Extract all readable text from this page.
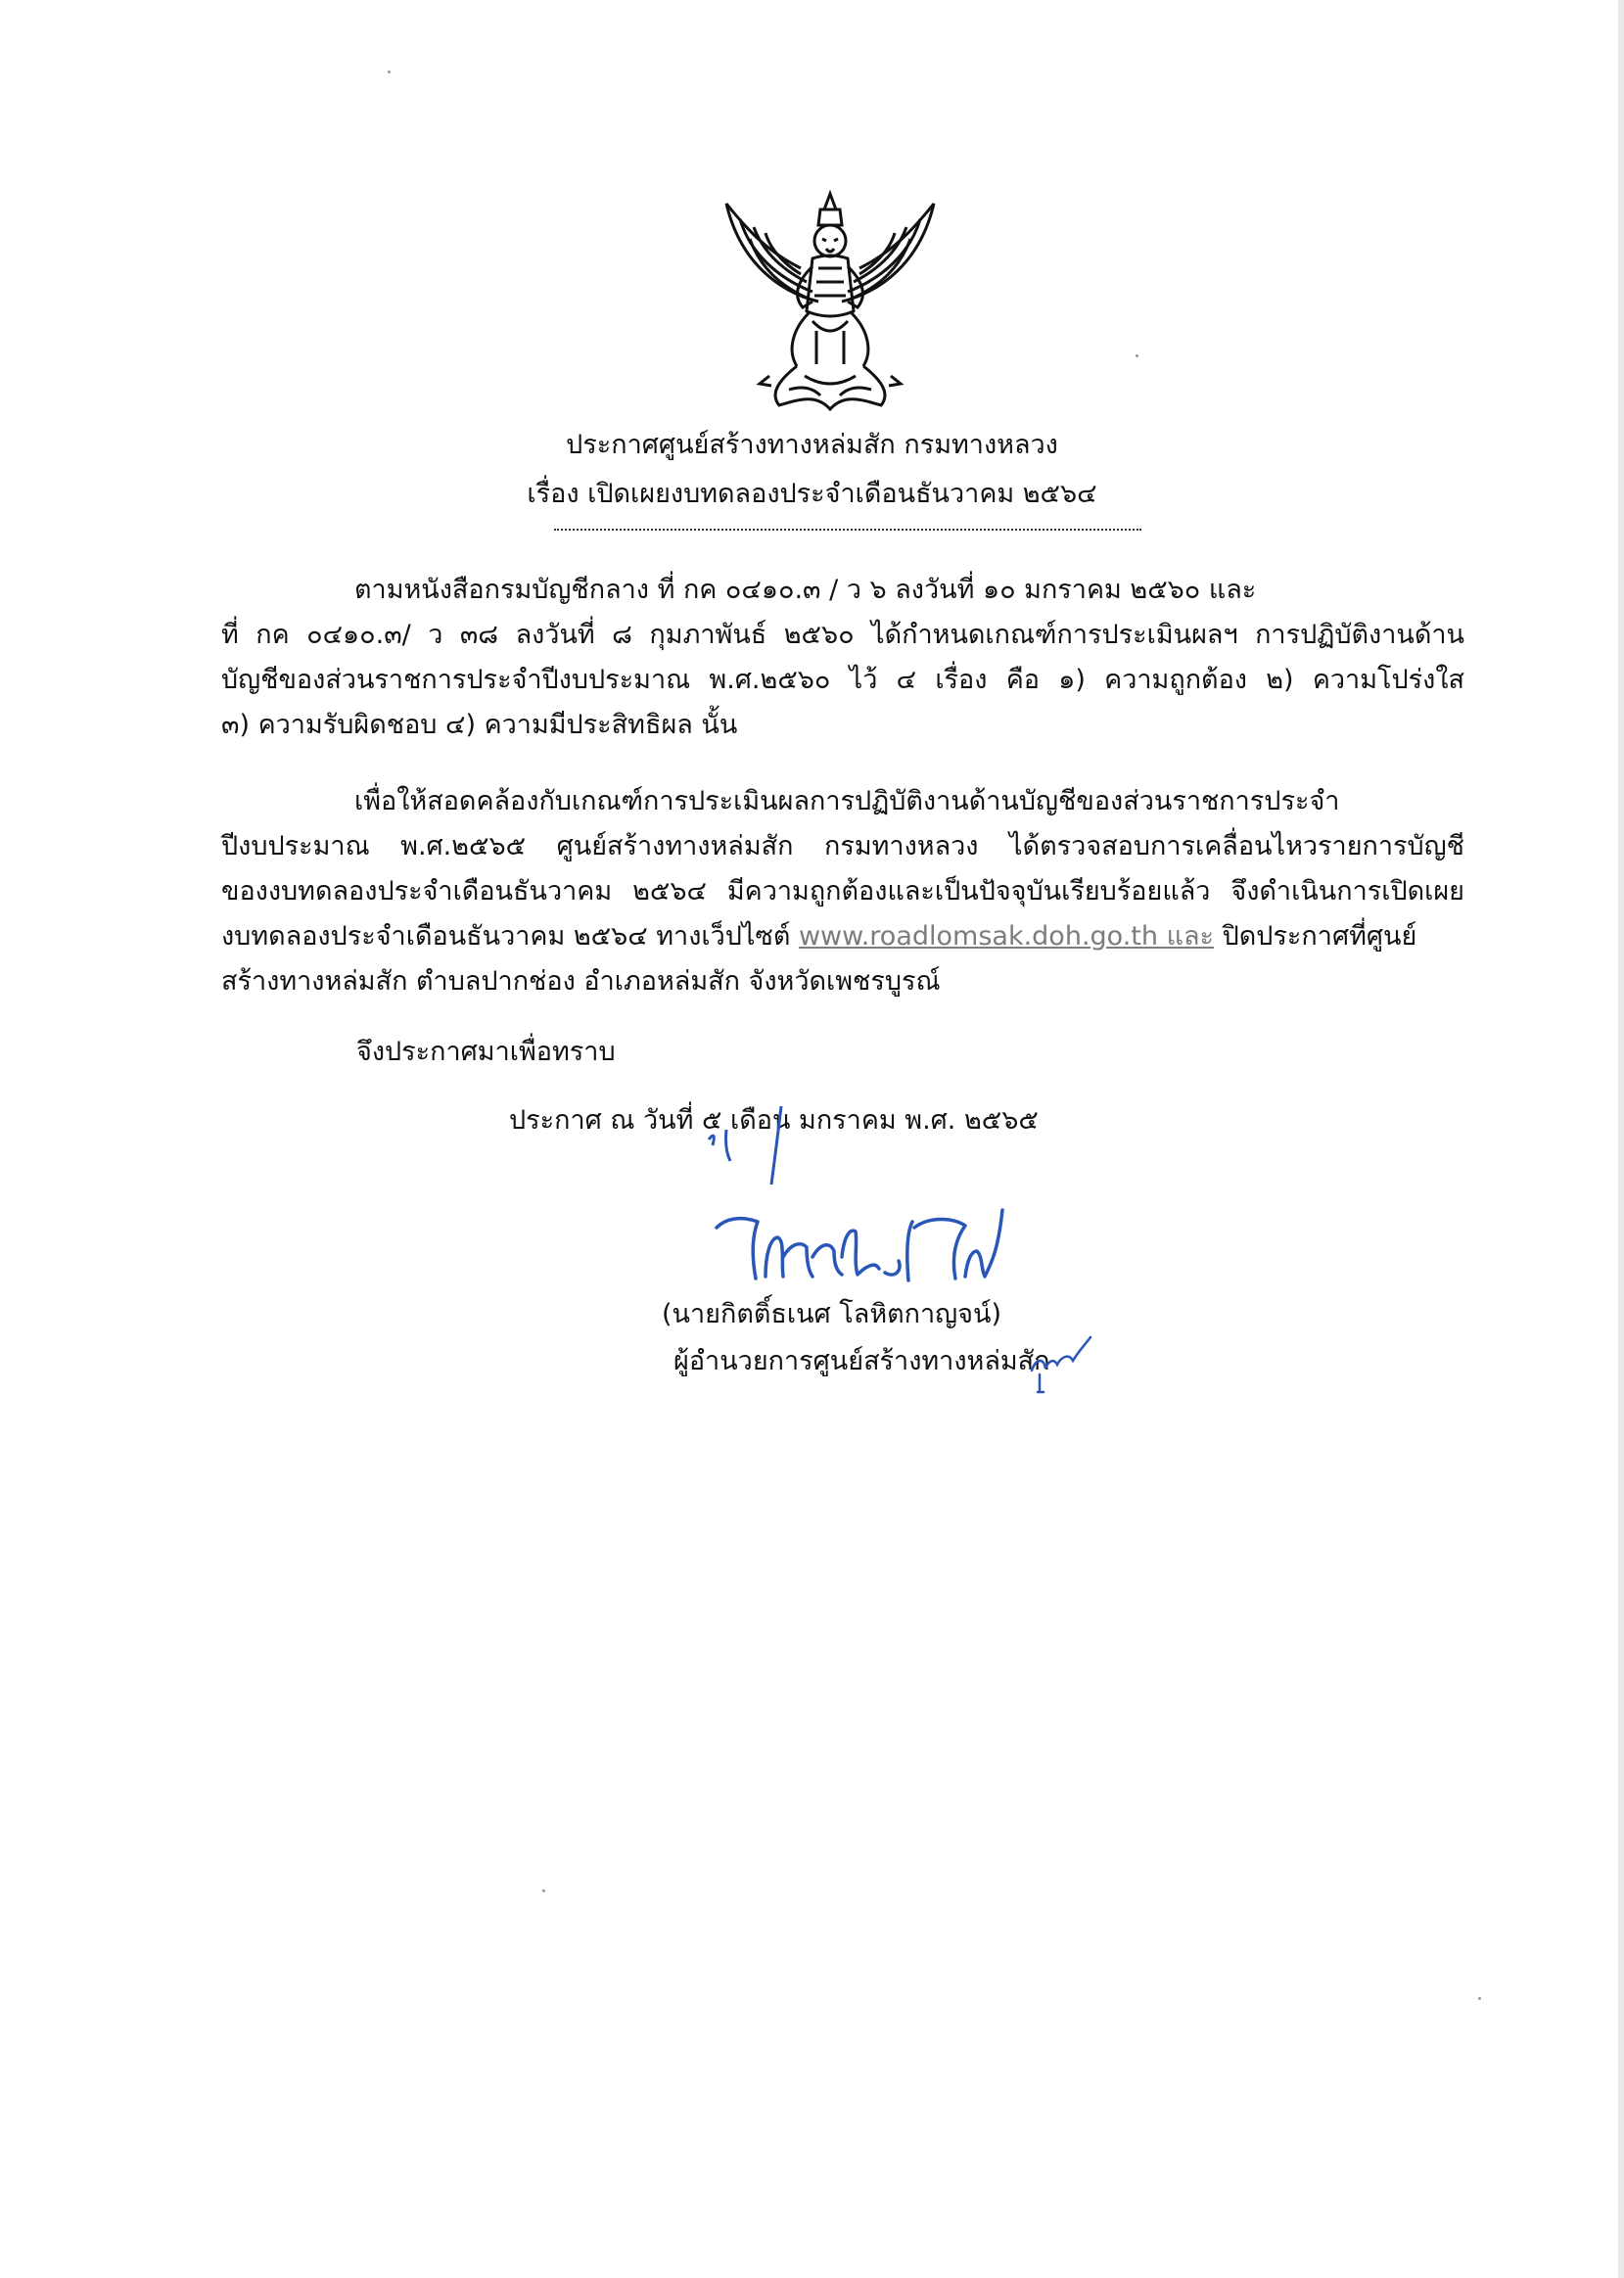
ประกาศศูนย์สร้างทางหล่มสัก กรมทางหลวง
เรื่อง เปิดเผยงบทดลองประจำเดือนธันวาคม ๒๕๖๔
ตามหนังสือกรมบัญชีกลาง ที่ กค ๐๔๑๐.๓ / ว ๖ ลงวันที่ ๑๐ มกราคม ๒๕๖๐ และ
ที่ กค ๐๔๑๐.๓/ ว ๓๘ ลงวันที่ ๘ กุมภาพันธ์ ๒๕๖๐ ได้กำหนดเกณฑ์การประเมินผลฯ การปฏิบัติงานด้าน
บัญชีของส่วนราชการประจำปีงบประมาณ พ.ศ.๒๕๖๐ ไว้ ๔ เรื่อง คือ ๑) ความถูกต้อง ๒) ความโปร่งใส
๓) ความรับผิดชอบ ๔) ความมีประสิทธิผล นั้น
เพื่อให้สอดคล้องกับเกณฑ์การประเมินผลการปฏิบัติงานด้านบัญชีของส่วนราชการประจำ
ปีงบประมาณ พ.ศ.๒๕๖๕ ศูนย์สร้างทางหล่มสัก กรมทางหลวง ได้ตรวจสอบการเคลื่อนไหวรายการบัญชี
ของงบทดลองประจำเดือนธันวาคม ๒๕๖๔ มีความถูกต้องและเป็นปัจจุบันเรียบร้อยแล้ว จึงดำเนินการเปิดเผย
งบทดลองประจำเดือนธันวาคม ๒๕๖๔ ทางเว็ปไซต์ www.roadlomsak.doh.go.th และ ปิดประกาศที่ศูนย์
สร้างทางหล่มสัก ตำบลปากช่อง อำเภอหล่มสัก จังหวัดเพชรบูรณ์
จึงประกาศมาเพื่อทราบ
ประกาศ ณ วันที่ ๕ เดือน มกราคม พ.ศ. ๒๕๖๕
(นายกิตติ์ธเนศ โลหิตกาญจน์)
ผู้อำนวยการศูนย์สร้างทางหล่มสัก
